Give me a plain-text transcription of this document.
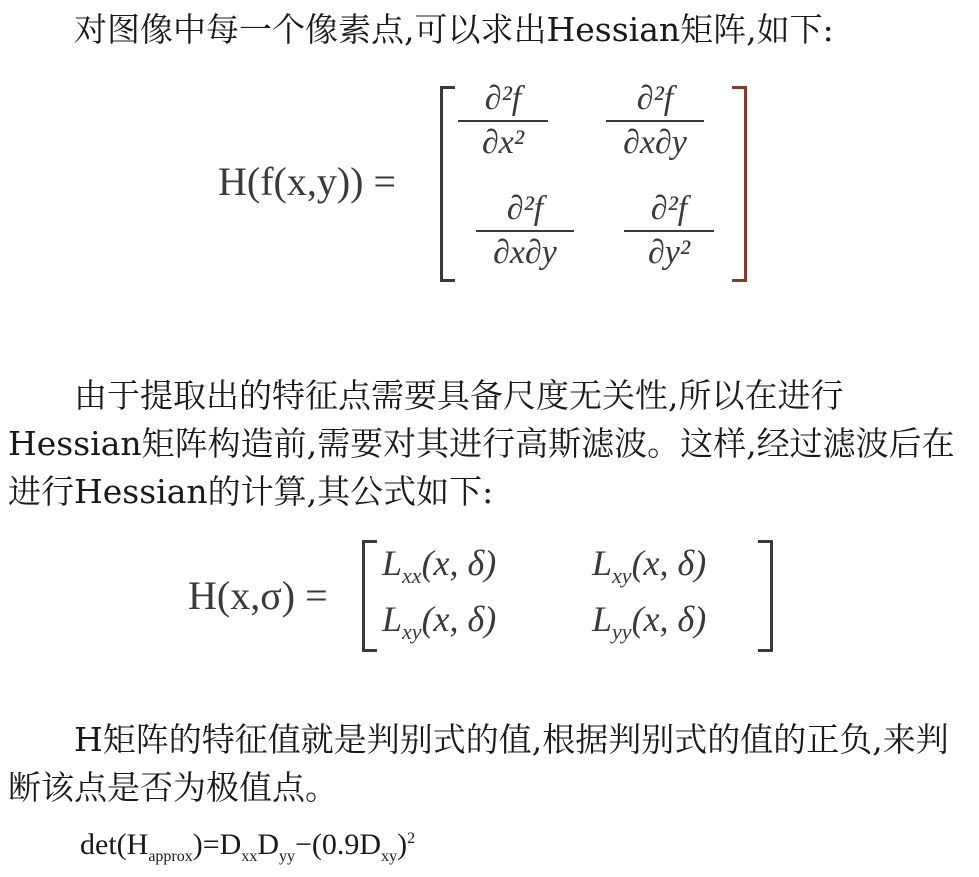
对图像中每一个像素点,可以求出Hessian矩阵,如下:

H(f(x,y)) =
∂²f
∂x²
∂²f
∂x∂y
∂²f
∂x∂y
∂²f
∂y²

由于提取出的特征点需要具备尺度无关性,所以在进行Hessian矩阵构造前,需要对其进行高斯滤波。这样,经过滤波后在进行Hessian的计算,其公式如下:

H(x,σ) =
$L_{xx}(x$, δ)	$L_{xy}(x$, δ)
$L_{xy}(x$, δ)	$L_{yy}(x$, δ)

H矩阵的特征值就是判别式的值,根据判别式的值的正负,来判断该点是否为极值点。

$\det(H_{approx})=D_{xx}D_{yy}-(0.9D_{xy})^2$
